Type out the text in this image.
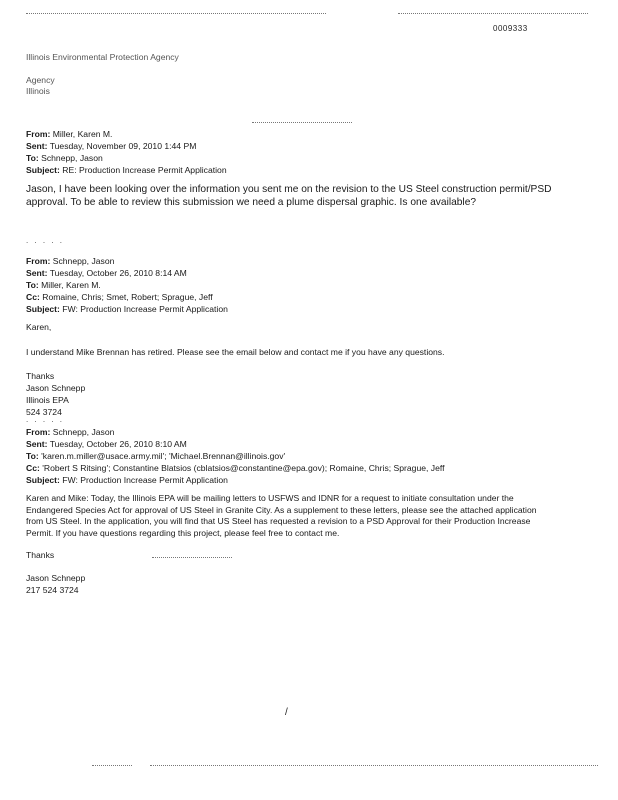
0009333
Illinois Environmental Protection Agency
Agency
Illinois
From: Miller, Karen M.
Sent: Tuesday, November 09, 2010 1:44 PM
To: Schnepp, Jason
Subject: RE: Production Increase Permit Application
Jason, I have been looking over the information you sent me on the revision to the US Steel construction permit/PSD approval. To be able to review this submission we need a plume dispersal graphic. Is one available?
. . . . .
From: Schnepp, Jason
Sent: Tuesday, October 26, 2010 8:14 AM
To: Miller, Karen M.
Cc: Romaine, Chris; Smet, Robert; Sprague, Jeff
Subject: FW: Production Increase Permit Application
Karen,
I understand Mike Brennan has retired. Please see the email below and contact me if you have any questions.
Thanks
Jason Schnepp
Illinois EPA
524 3724
. . . . .
From: Schnepp, Jason
Sent: Tuesday, October 26, 2010 8:10 AM
To: 'karen.m.miller@usace.army.mil'; 'Michael.Brennan@illinois.gov'
Cc: 'Robert S Ritsing'; Constantine Blatsios (cblatsios@constantine@epa.gov); Romaine, Chris; Sprague, Jeff
Subject: FW: Production Increase Permit Application
Karen and Mike: Today, the Illinois EPA will be mailing letters to USFWS and IDNR for a request to initiate consultation under the Endangered Species Act for approval of US Steel in Granite City. As a supplement to these letters, please see the attached application from US Steel. In the application, you will find that US Steel has requested a revision to a PSD Approval for their Production Increase Permit. If you have questions regarding this project, please feel free to contact me.
Thanks
Jason Schnepp
217 524 3724
/
